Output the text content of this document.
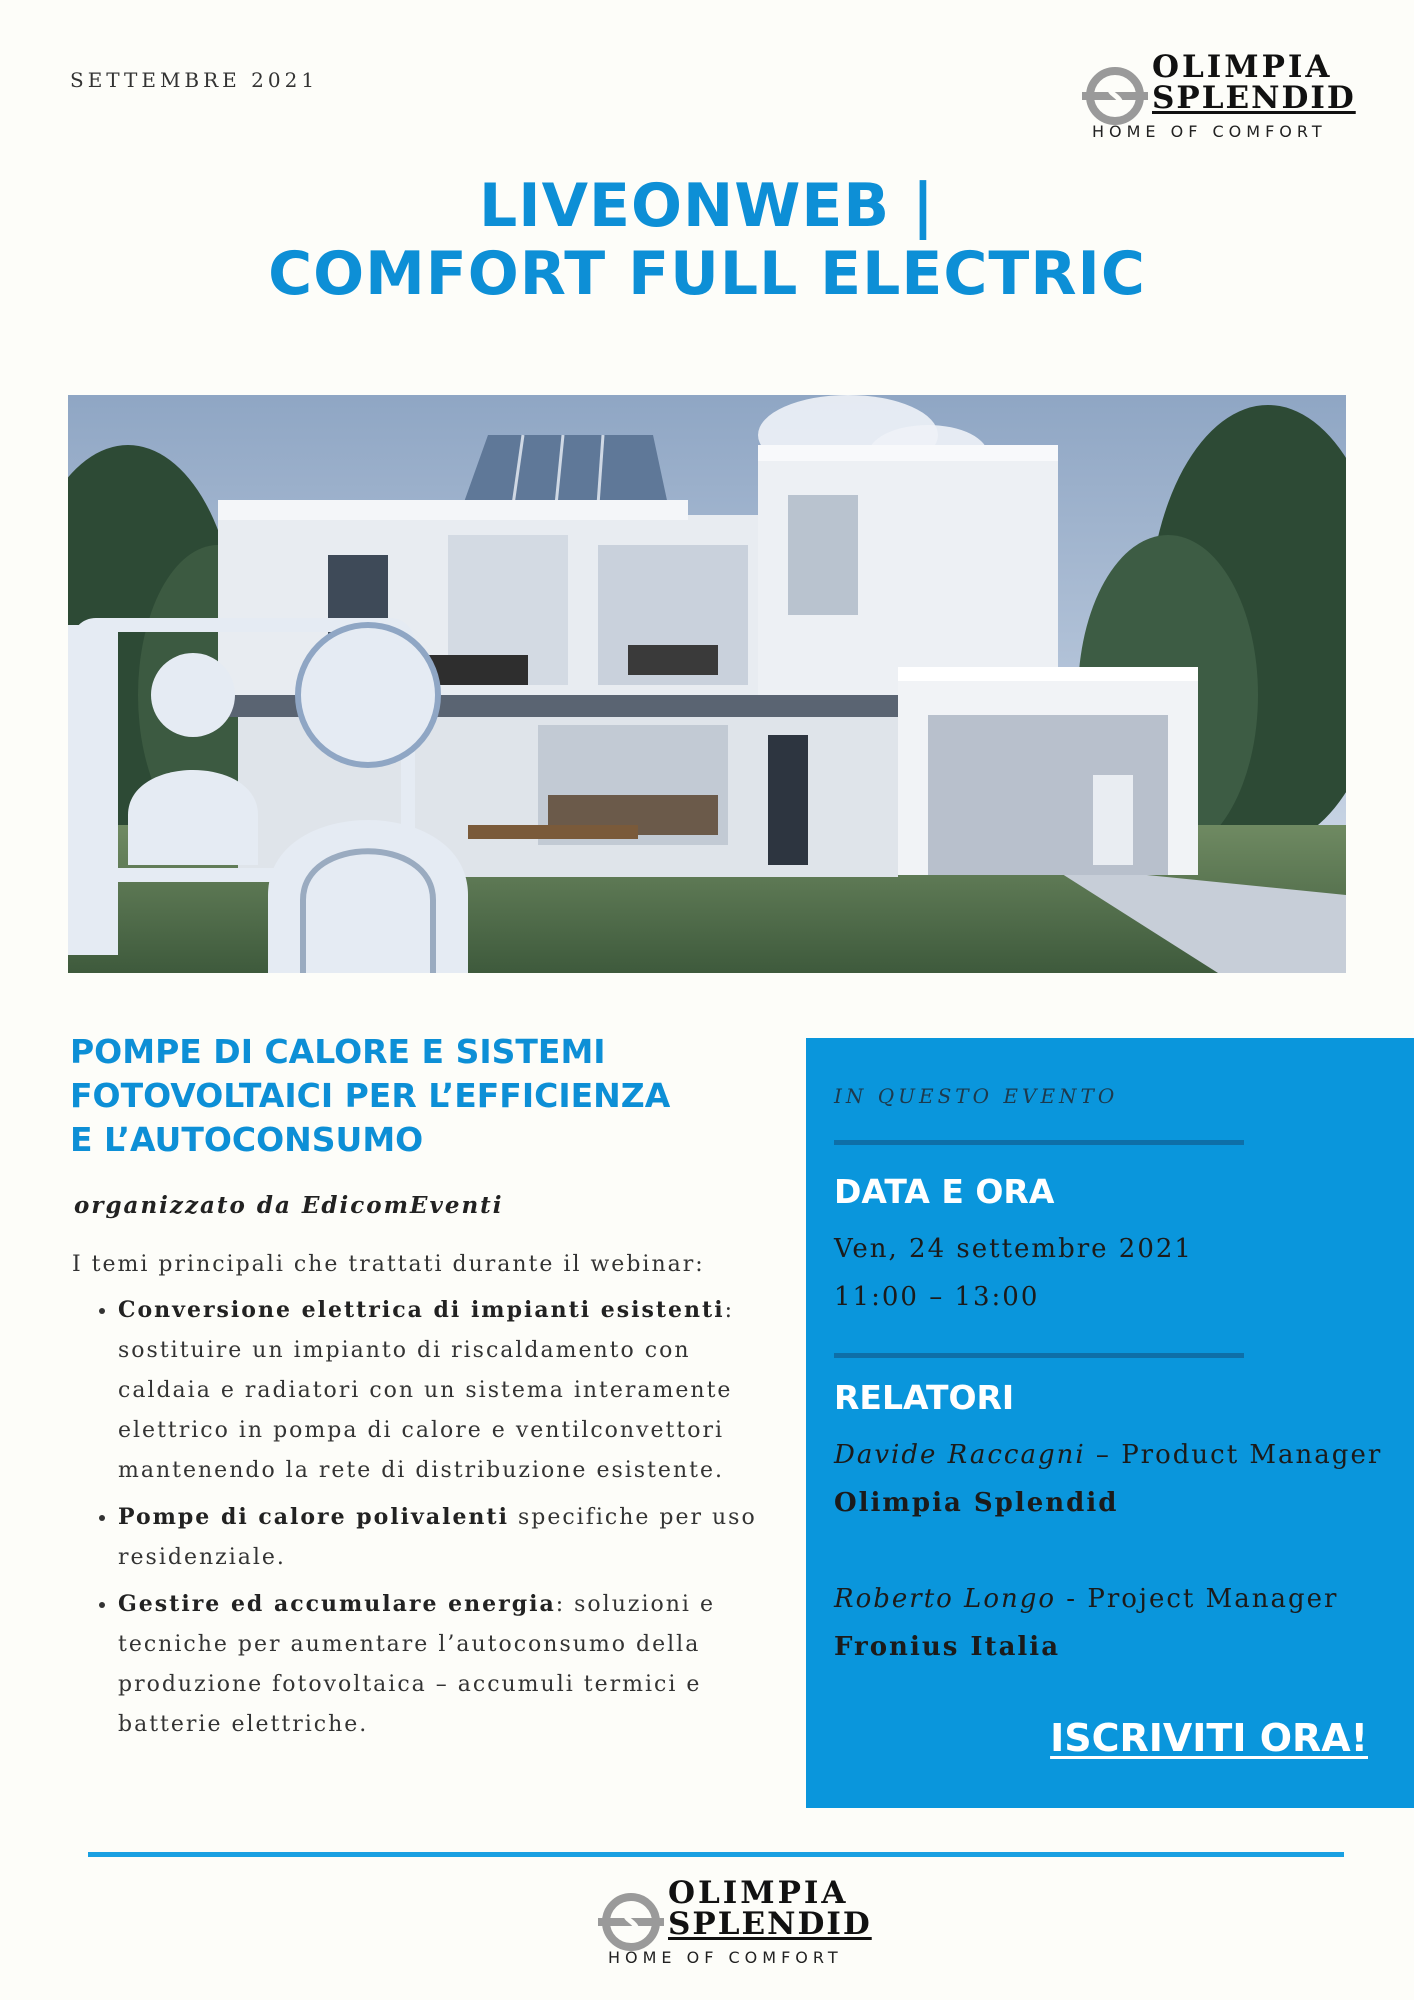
SETTEMBRE 2021	OLIMPIA
SPLENDID
HOME OF COMFORT
LIVEONWEB |
COMFORT FULL ELECTRIC
POMPE DI CALORE E SISTEMI
FOTOVOLTAICI PER L’EFFICIENZA
E L’AUTOCONSUMO
organizzato da EdicomEventi
I temi principali che trattati durante il webinar:
• Conversione elettrica di impianti esistenti: sostituire un impianto di riscaldamento con caldaia e radiatori con un sistema interamente elettrico in pompa di calore e ventilconvettori mantenendo la rete di distribuzione esistente.
• Pompe di calore polivalenti specifiche per uso residenziale.
• Gestire ed accumulare energia: soluzioni e tecniche per aumentare l’autoconsumo della produzione fotovoltaica – accumuli termici e batterie elettriche.
IN QUESTO EVENTO
DATA E ORA
Ven, 24 settembre 2021
11:00 – 13:00
RELATORI
Davide Raccagni – Product Manager
Olimpia Splendid
Roberto Longo - Project Manager
Fronius Italia
ISCRIVITI ORA!
OLIMPIA
SPLENDID
HOME OF COMFORT
